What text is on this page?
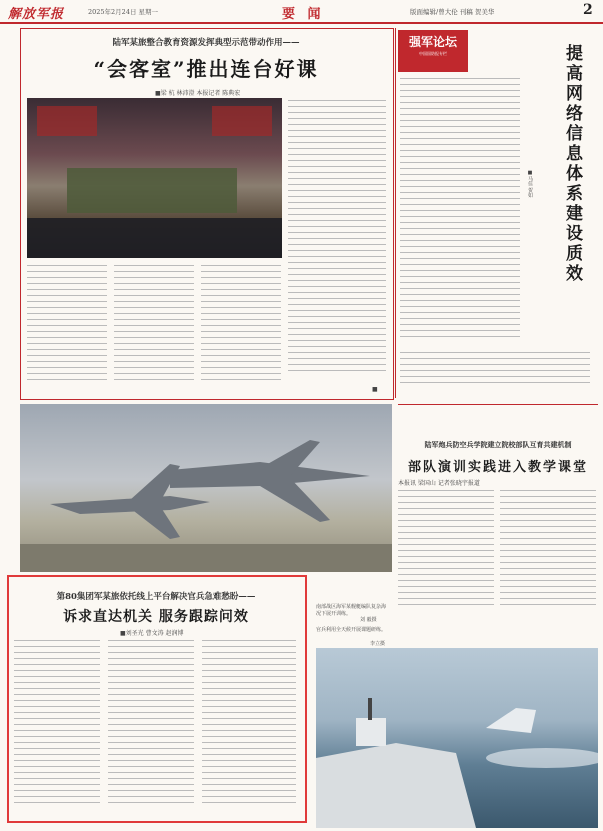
解放军报	2025年2月24日 星期一	要 闻	版面编辑/曾大伦 刊稿 贺美华	2
陆军某旅整合教育资源发挥典型示范带动作用——
“会客室”推出连台好课
■梁 杭 林沛澄 本报记者 陈典宏
■
强军论坛
中国国防报专栏	提高网络信息体系建设质效
■马佳 贺如
陆军炮兵防空兵学院建立院校部队互育共建机制
部队演训实践进入教学课堂
本报讯 梁国山 记者张晓宇报道
南部战区海军某舰艇编队复杂海况下展开训练。
刘 毅摄
官兵利用全天候开展课题研练。
李立摄
第80集团军某旅依托线上平台解决官兵急难愁盼——
诉求直达机关 服务跟踪问效
■刘圣光 曹文涛 赵润博
